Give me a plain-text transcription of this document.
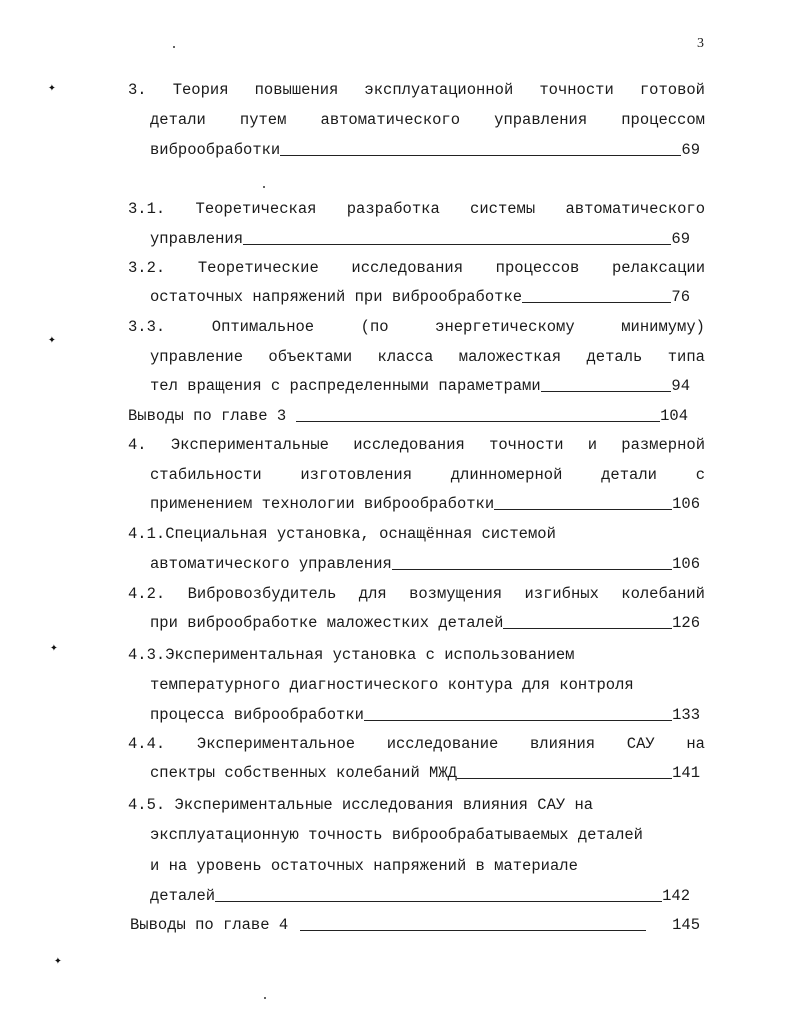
3
✦
✦
✦
✦
3. Теория повышения эксплуатационной точности готовой
детали путем автоматического управления процессом
виброобработки	69
3.1. Теоретическая разработка системы автоматического
управления	69
3.2. Теоретические исследования процессов релаксации
остаточных напряжений при виброобработке	76
3.3.	Оптимальное	(по	энергетическому	минимуму)
управление объектами класса маложесткая деталь типа
тел вращения с распределенными параметрами	94
Выводы по главе 3	104
4. Экспериментальные исследования точности и размерной
стабильности	изготовления	длинномерной	детали	с
применением технологии виброобработки	106
4.1.Специальная установка, оснащённая системой
автоматического управления	106
4.2. Вибровозбудитель для возмущения изгибных колебаний
при виброобработке маложестких деталей	126
4.3.Экспериментальная установка с использованием
температурного диагностического контура для контроля
процесса виброобработки	133
4.4. Экспериментальное исследование влияния САУ на
спектры собственных колебаний МЖД	141
4.5. Экспериментальные исследования влияния САУ на
эксплуатационную точность виброобрабатываемых деталей
и на уровень остаточных напряжений в материале
деталей	142
Выводы по главе 4	145
